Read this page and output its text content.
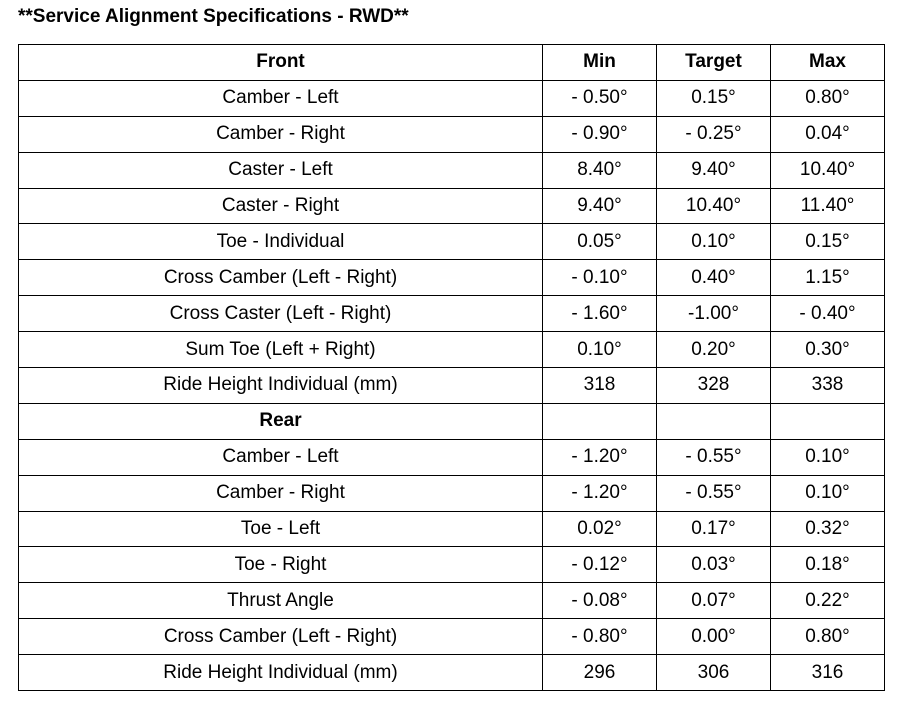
**Service Alignment Specifications - RWD**
Front	Min	Target	Max
Camber - Left	- 0.50°	0.15°	0.80°
Camber - Right	- 0.90°	- 0.25°	0.04°
Caster - Left	8.40°	9.40°	10.40°
Caster - Right	9.40°	10.40°	11.40°
Toe - Individual	0.05°	0.10°	0.15°
Cross Camber (Left - Right)	- 0.10°	0.40°	1.15°
Cross Caster (Left - Right)	- 1.60°	-1.00°	- 0.40°
Sum Toe (Left + Right)	0.10°	0.20°	0.30°
Ride Height Individual (mm)	318	328	338
Rear			
Camber - Left	- 1.20°	- 0.55°	0.10°
Camber - Right	- 1.20°	- 0.55°	0.10°
Toe - Left	0.02°	0.17°	0.32°
Toe - Right	- 0.12°	0.03°	0.18°
Thrust Angle	- 0.08°	0.07°	0.22°
Cross Camber (Left - Right)	- 0.80°	0.00°	0.80°
Ride Height Individual (mm)	296	306	316
